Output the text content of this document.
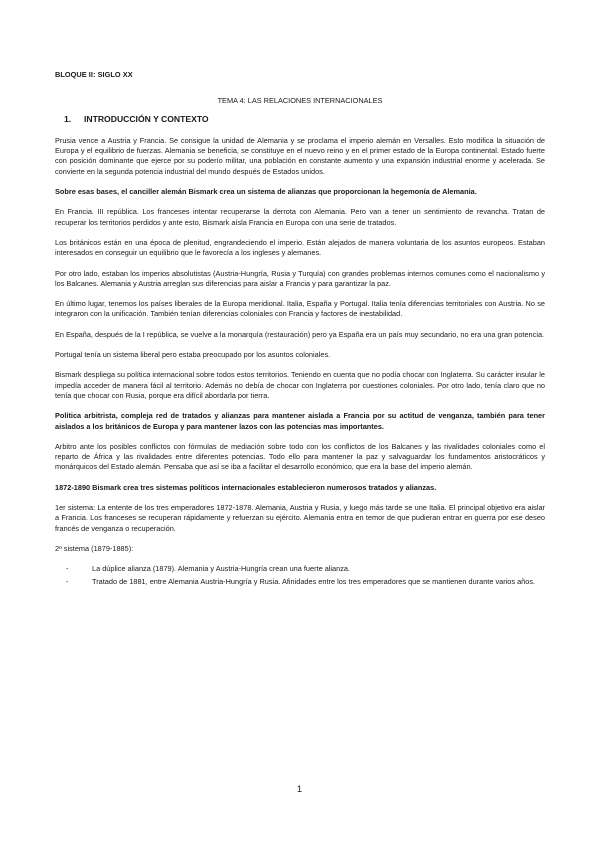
BLOQUE II: SIGLO XX
TEMA 4: LAS RELACIONES INTERNACIONALES
1. INTRODUCCIÓN Y CONTEXTO

Prusia vence a Austria y Francia. Se consigue la unidad de Alemania y se proclama el imperio alemán en Versalles. Esto modifica la situación de Europa y el equilibrio de fuerzas. Alemania se beneficia, se constituye en el nuevo reino y en el primer estado de la Europa continental. Estado fuerte con posición dominante que ejerce por su poderío militar, una población en constante aumento y una expansión industrial enorme y acelerada. Se convierte en la segunda potencia industrial del mundo después de Estados unidos.

Sobre esas bases, el canciller alemán Bismark crea un sistema de alianzas que proporcionan la hegemonía de Alemania.

En Francia. III república. Los franceses intentar recuperarse la derrota con Alemania. Pero van a tener un sentimiento de revancha. Tratan de recuperar los territorios perdidos y ante esto, Bismark aísla Francia en Europa con una serie de tratados.

Los británicos están en una época de plenitud, engrandeciendo el imperio. Están alejados de manera voluntaria de los asuntos europeos. Estaban interesados en conseguir un equilibrio que le favorecía a los ingleses y alemanes.

Por otro lado, estaban los imperios absolutistas (Austria-Hungría, Rusia y Turquía) con grandes problemas internos comunes como el nacionalismo y los Balcanes. Alemania y Austria arreglan sus diferencias para aislar a Francia y para garantizar la paz.

En último lugar, tenemos los países liberales de la Europa meridional. Italia, España y Portugal. Italia tenía diferencias territoriales con Austria. No se integraron con la unificación. También tenían diferencias coloniales con Francia y factores de inestabilidad.

En España, después de la I república, se vuelve a la monarquía (restauración) pero ya España era un país muy secundario, no era una gran potencia.

Portugal tenía un sistema liberal pero estaba preocupado por los asuntos coloniales.

Bismark despliega su política internacional sobre todos estos territorios. Teniendo en cuenta que no podía chocar con Inglaterra. Su carácter insular le impedía acceder de manera fácil al territorio. Además no debía de chocar con Inglaterra por cuestiones coloniales. Por otro lado, tenía claro que no tenía que chocar con Rusia, porque era difícil abordarla por tierra.

Política arbitrista, compleja red de tratados y alianzas para mantener aislada a Francia por su actitud de venganza, también para tener aislados a los británicos de Europa y para mantener lazos con las potencias mas importantes.

Arbitro ante los posibles conflictos con fórmulas de mediación sobre todo con los conflictos de los Balcanes y las rivalidades coloniales como el reparto de África y las rivalidades entre diferentes potencias. Todo ello para mantener la paz y salvaguardar los fundamentos aristocráticos y monárquicos del Estado alemán. Pensaba que así se iba a facilitar el desarrollo económico, que era la base del imperio alemán.

1872-1890 Bismark crea tres sistemas políticos internacionales establecieron numerosos tratados y alianzas.

1er sistema: La entente de los tres emperadores 1872-1878. Alemania, Austria y Rusia, y luego más tarde se une Italia. El principal objetivo era aislar a Francia. Los franceses se recuperan rápidamente y refuerzan su ejército. Alemania entra en temor de que pudieran entrar en guerra por ese deseo francés de venganza o recuperación.

2º sistema (1879-1885):

- La dúplice alianza (1879). Alemania y Austria-Hungría crean una fuerte alianza.
- Tratado de 1881, entre Alemania Austria-Hungría y Rusia. Afinidades entre los tres emperadores que se mantienen durante varios años.
1
